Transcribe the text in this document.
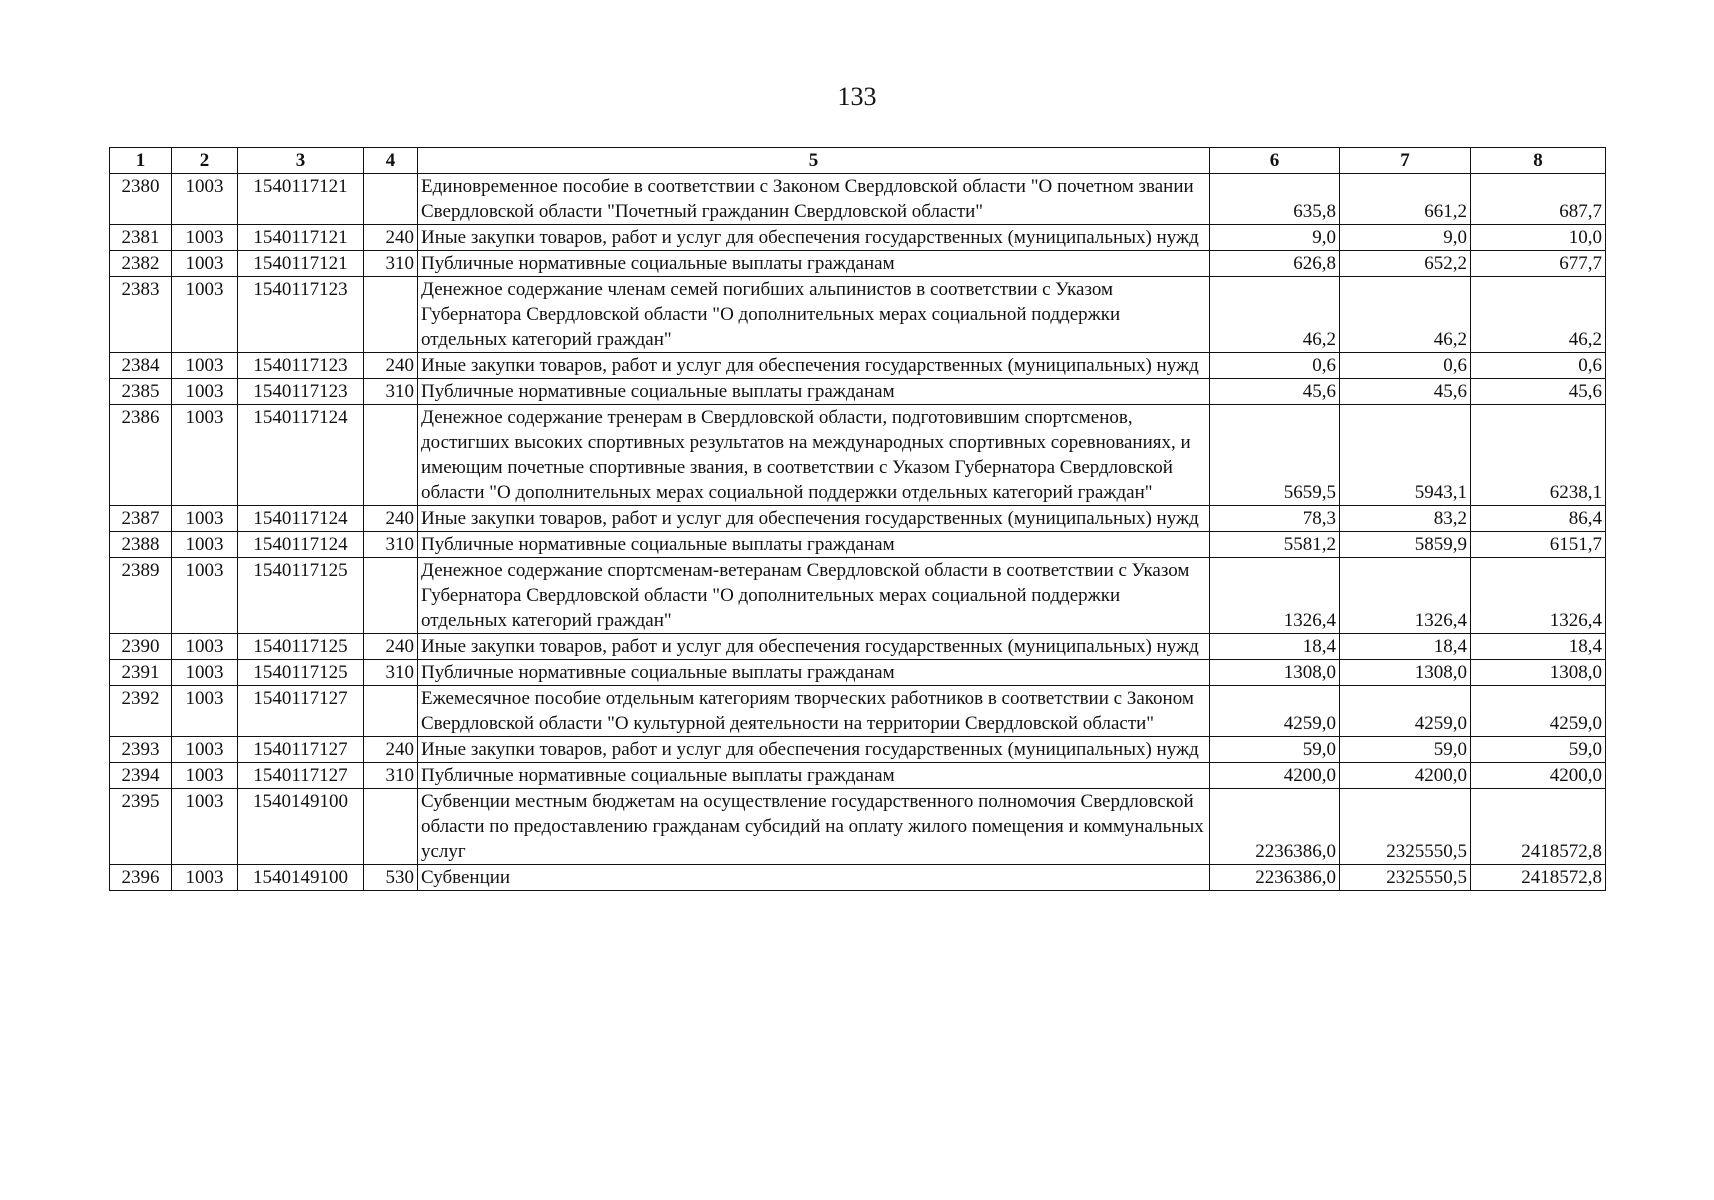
133
1	2	3	4	5	6	7	8
2380	1003	1540117121		Единовременное пособие в соответствии с Законом Свердловской области "О почетном звании Свердловской области "Почетный гражданин Свердловской области"	635,8	661,2	687,7
2381	1003	1540117121	240	Иные закупки товаров, работ и услуг для обеспечения государственных (муниципальных) нужд	9,0	9,0	10,0
2382	1003	1540117121	310	Публичные нормативные социальные выплаты гражданам	626,8	652,2	677,7
2383	1003	1540117123		Денежное содержание членам семей погибших альпинистов в соответствии с Указом Губернатора Свердловской области "О дополнительных мерах социальной поддержки отдельных категорий граждан"	46,2	46,2	46,2
2384	1003	1540117123	240	Иные закупки товаров, работ и услуг для обеспечения государственных (муниципальных) нужд	0,6	0,6	0,6
2385	1003	1540117123	310	Публичные нормативные социальные выплаты гражданам	45,6	45,6	45,6
2386	1003	1540117124		Денежное содержание тренерам в Свердловской области, подготовившим спортсменов, достигших высоких спортивных результатов на международных спортивных соревнованиях, и имеющим почетные спортивные звания, в соответствии с Указом Губернатора Свердловской области "О дополнительных мерах социальной поддержки отдельных категорий граждан"	5659,5	5943,1	6238,1
2387	1003	1540117124	240	Иные закупки товаров, работ и услуг для обеспечения государственных (муниципальных) нужд	78,3	83,2	86,4
2388	1003	1540117124	310	Публичные нормативные социальные выплаты гражданам	5581,2	5859,9	6151,7
2389	1003	1540117125		Денежное содержание спортсменам-ветеранам Свердловской области в соответствии с Указом Губернатора Свердловской области "О дополнительных мерах социальной поддержки отдельных категорий граждан"	1326,4	1326,4	1326,4
2390	1003	1540117125	240	Иные закупки товаров, работ и услуг для обеспечения государственных (муниципальных) нужд	18,4	18,4	18,4
2391	1003	1540117125	310	Публичные нормативные социальные выплаты гражданам	1308,0	1308,0	1308,0
2392	1003	1540117127		Ежемесячное пособие отдельным категориям творческих работников в соответствии с Законом Свердловской области "О культурной деятельности на территории Свердловской области"	4259,0	4259,0	4259,0
2393	1003	1540117127	240	Иные закупки товаров, работ и услуг для обеспечения государственных (муниципальных) нужд	59,0	59,0	59,0
2394	1003	1540117127	310	Публичные нормативные социальные выплаты гражданам	4200,0	4200,0	4200,0
2395	1003	1540149100		Субвенции местным бюджетам на осуществление государственного полномочия Свердловской области по предоставлению гражданам субсидий на оплату жилого помещения и коммунальных услуг	2236386,0	2325550,5	2418572,8
2396	1003	1540149100	530	Субвенции	2236386,0	2325550,5	2418572,8
